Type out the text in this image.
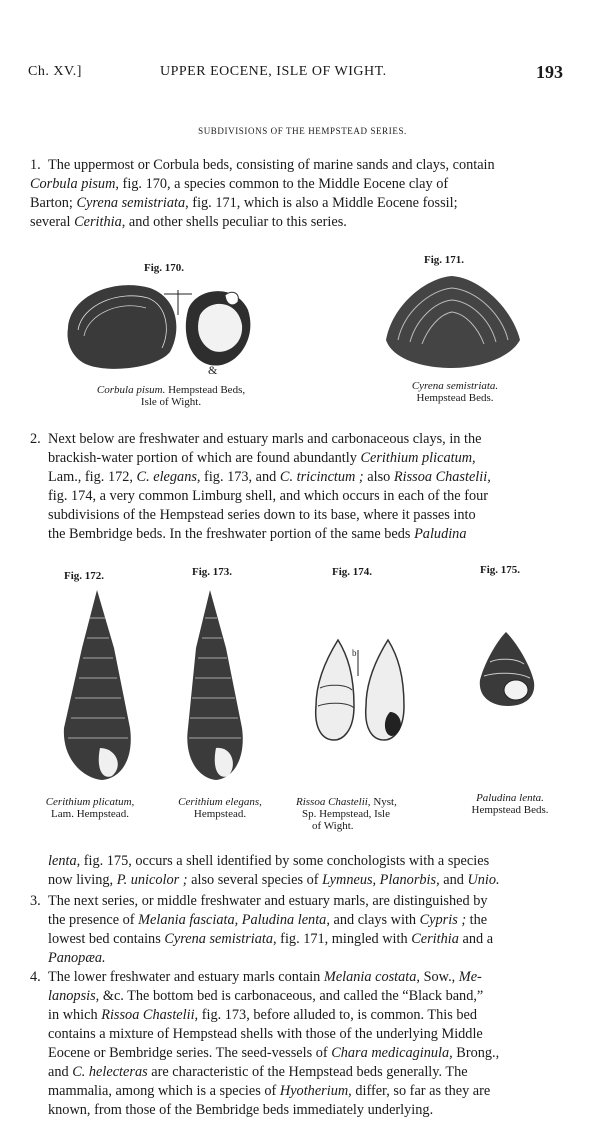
Ch. XV.]	UPPER EOCENE, ISLE OF WIGHT.	193
SUBDIVISIONS OF THE HEMPSTEAD SERIES.
1. The uppermost or Corbula beds, consisting of marine sands and clays, contain
Corbula pisum, fig. 170, a species common to the Middle Eocene clay of
Barton; Cyrena semistriata, fig. 171, which is also a Middle Eocene fossil;
several Cerithia, and other shells peculiar to this series.
Fig. 170.
Fig. 171.
&
Corbula pisum. Hempstead Beds,
Isle of Wight.
Cyrena semistriata.
Hempstead Beds.
2. Next below are freshwater and estuary marls and carbonaceous clays, in the
brackish-water portion of which are found abundantly Cerithium plicatum,
Lam., fig. 172, C. elegans, fig. 173, and C. tricinctum ; also Rissoa Chastelii,
fig. 174, a very common Limburg shell, and which occurs in each of the four
subdivisions of the Hempstead series down to its base, where it passes into
the Bembridge beds. In the freshwater portion of the same beds Paludina
Fig. 172.	Fig. 173.	Fig. 174.	Fig. 175.
b
Cerithium plicatum,
Lam. Hempstead.
Cerithium elegans,
Hempstead.
Rissoa Chastelii, Nyst,
Sp. Hempstead, Isle
of Wight.
Paludina lenta.
Hempstead Beds.
lenta, fig. 175, occurs a shell identified by some conchologists with a species
now living, P. unicolor ; also several species of Lymneus, Planorbis, and Unio.
3. The next series, or middle freshwater and estuary marls, are distinguished by
the presence of Melania fasciata, Paludina lenta, and clays with Cypris ; the
lowest bed contains Cyrena semistriata, fig. 171, mingled with Cerithia and a
Panopæa.
4. The lower freshwater and estuary marls contain Melania costata, Sow., Me-
lanopsis, &c. The bottom bed is carbonaceous, and called the “Black band,”
in which Rissoa Chastelii, fig. 173, before alluded to, is common. This bed
contains a mixture of Hempstead shells with those of the underlying Middle
Eocene or Bembridge series. The seed-vessels of Chara medicaginula, Brong.,
and C. helecteras are characteristic of the Hempstead beds generally. The
mammalia, among which is a species of Hyotherium, differ, so far as they are
known, from those of the Bembridge beds immediately underlying.
